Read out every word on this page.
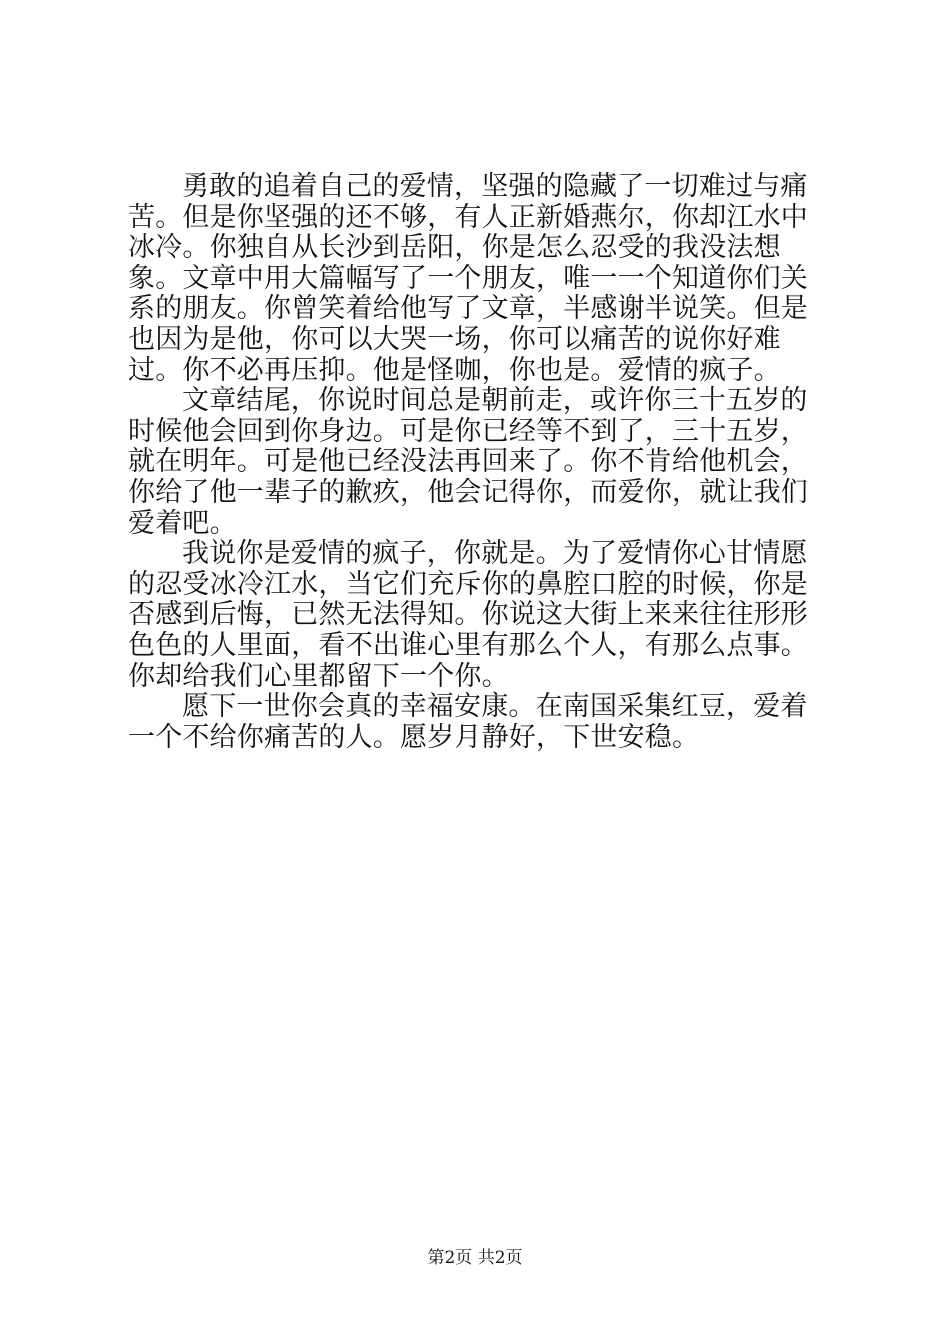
勇敢的追着自己的爱情，坚强的隐藏了一切难过与痛苦。但是你坚强的还不够，有人正新婚燕尔，你却江水中冰冷。你独自从长沙到岳阳，你是怎么忍受的我没法想象。文章中用大篇幅写了一个朋友，唯一一个知道你们关系的朋友。你曾笑着给他写了文章，半感谢半说笑。但是也因为是他，你可以大哭一场，你可以痛苦的说你好难过。你不必再压抑。他是怪咖，你也是。爱情的疯子。

文章结尾，你说时间总是朝前走，或许你三十五岁的时候他会回到你身边。可是你已经等不到了，三十五岁，就在明年。可是他已经没法再回来了。你不肯给他机会，你给了他一辈子的歉疚，他会记得你，而爱你，就让我们爱着吧。

我说你是爱情的疯子，你就是。为了爱情你心甘情愿的忍受冰冷江水，当它们充斥你的鼻腔口腔的时候，你是否感到后悔，已然无法得知。你说这大街上来来往往形形色色的人里面，看不出谁心里有那么个人，有那么点事。你却给我们心里都留下一个你。

愿下一世你会真的幸福安康。在南国采集红豆，爱着一个不给你痛苦的人。愿岁月静好，下世安稳。

第2页 共2页
